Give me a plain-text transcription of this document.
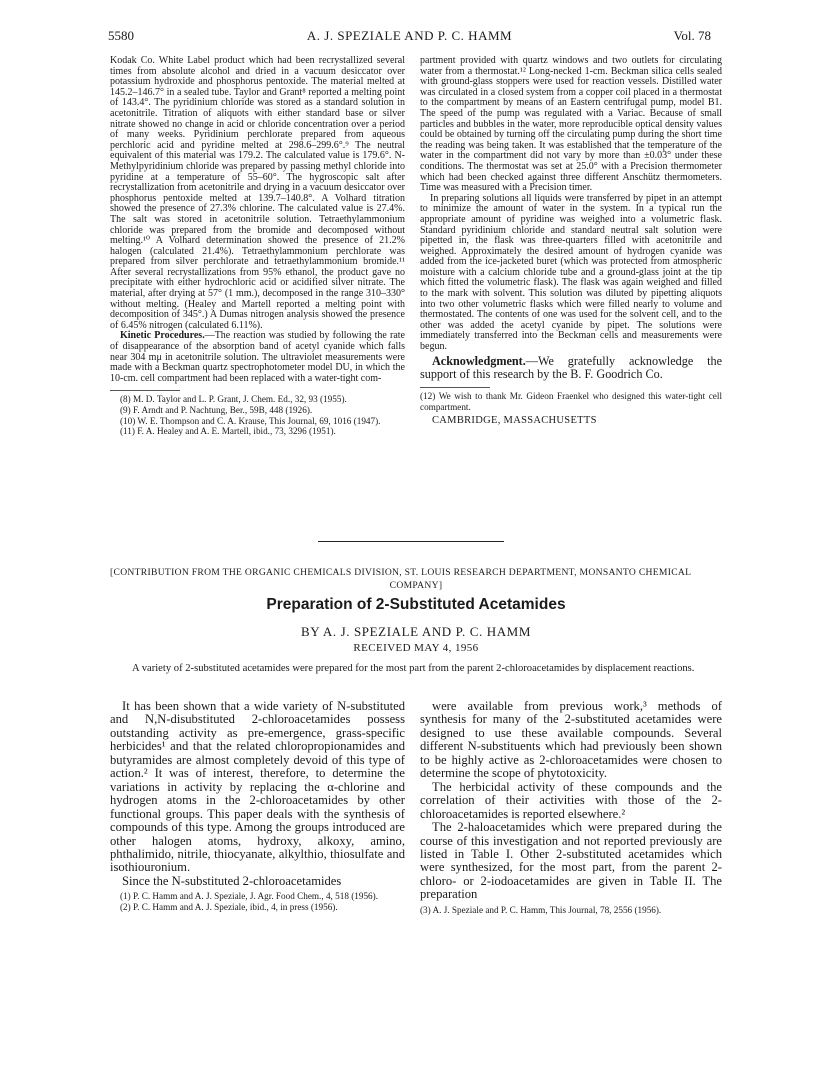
5580	A. J. SPEZIALE AND P. C. HAMM	Vol. 78

Kodak Co. White Label product which had been recrystallized several times from absolute alcohol and dried in a vacuum desiccator over potassium hydroxide and phosphorus pentoxide. The material melted at 145.2–146.7° in a sealed tube. Taylor and Grant⁸ reported a melting point of 143.4°. The pyridinium chloride was stored as a standard solution in acetonitrile. Titration of aliquots with either standard base or silver nitrate showed no change in acid or chloride concentration over a period of many weeks. Pyridinium perchlorate prepared from aqueous perchloric acid and pyridine melted at 298.6–299.6°.⁹ The neutral equivalent of this material was 179.2. The calculated value is 179.6°. N-Methylpyridinium chloride was prepared by passing methyl chloride into pyridine at a temperature of 55–60°. The hygroscopic salt after recrystallization from acetonitrile and drying in a vacuum desiccator over phosphorus pentoxide melted at 139.7–140.8°. A Volhard titration showed the presence of 27.3% chlorine. The calculated value is 27.4%. The salt was stored in acetonitrile solution. Tetraethylammonium chloride was prepared from the bromide and decomposed without melting.¹⁰ A Volhard determination showed the presence of 21.2% halogen (calculated 21.4%). Tetraethylammonium perchlorate was prepared from silver perchlorate and tetraethylammonium bromide.¹¹ After several recrystallizations from 95% ethanol, the product gave no precipitate with either hydrochloric acid or acidified silver nitrate. The material, after drying at 57° (1 mm.), decomposed in the range 310–330° without melting. (Healey and Martell reported a melting point with decomposition of 345°.) A Dumas nitrogen analysis showed the presence of 6.45% nitrogen (calculated 6.11%).

Kinetic Procedures.—The reaction was studied by following the rate of disappearance of the absorption band of acetyl cyanide which falls near 304 mμ in acetonitrile solution. The ultraviolet measurements were made with a Beckman quartz spectrophotometer model DU, in which the 10-cm. cell compartment had been replaced with a water-tight com-

(8) M. D. Taylor and L. P. Grant, J. Chem. Ed., 32, 93 (1955).
(9) F. Arndt and P. Nachtung, Ber., 59B, 448 (1926).
(10) W. E. Thompson and C. A. Krause, This Journal, 69, 1016 (1947).
(11) F. A. Healey and A. E. Martell, ibid., 73, 3296 (1951).

partment provided with quartz windows and two outlets for circulating water from a thermostat.¹² Long-necked 1-cm. Beckman silica cells sealed with ground-glass stoppers were used for reaction vessels. Distilled water was circulated in a closed system from a copper coil placed in a thermostat to the compartment by means of an Eastern centrifugal pump, model B1. The speed of the pump was regulated with a Variac. Because of small particles and bubbles in the water, more reproducible optical density values could be obtained by turning off the circulating pump during the short time the reading was being taken. It was established that the temperature of the water in the compartment did not vary by more than ±0.03° under these conditions. The thermostat was set at 25.0° with a Precision thermometer which had been checked against three different Anschütz thermometers. Time was measured with a Precision timer.

In preparing solutions all liquids were transferred by pipet in an attempt to minimize the amount of water in the system. In a typical run the appropriate amount of pyridine was weighed into a volumetric flask. Standard pyridinium chloride and standard neutral salt solution were pipetted in, the flask was three-quarters filled with acetonitrile and weighed. Approximately the desired amount of hydrogen cyanide was added from the ice-jacketed buret (which was protected from atmospheric moisture with a calcium chloride tube and a ground-glass joint at the tip which fitted the volumetric flask). The flask was again weighed and filled to the mark with solvent. This solution was diluted by pipetting aliquots into two other volumetric flasks which were filled nearly to volume and thermostated. The contents of one was used for the solvent cell, and to the other was added the acetyl cyanide by pipet. The solutions were immediately transferred into the Beckman cells and measurements were begun.

Acknowledgment.—We gratefully acknowledge the support of this research by the B. F. Goodrich Co.
(12) We wish to thank Mr. Gideon Fraenkel who designed this water-tight cell compartment.
CAMBRIDGE, MASSACHUSETTS
[CONTRIBUTION FROM THE ORGANIC CHEMICALS DIVISION, ST. LOUIS RESEARCH DEPARTMENT, MONSANTO CHEMICAL
COMPANY]
Preparation of 2-Substituted Acetamides
BY A. J. SPEZIALE AND P. C. HAMM
RECEIVED MAY 4, 1956
A variety of 2-substituted acetamides were prepared for the most part from the parent 2-chloroacetamides by displacement reactions.

It has been shown that a wide variety of N-substituted and N,N-disubstituted 2-chloroacetamides possess outstanding activity as pre-emergence, grass-specific herbicides¹ and that the related chloropropionamides and butyramides are almost completely devoid of this type of action.² It was of interest, therefore, to determine the variations in activity by replacing the α-chlorine and hydrogen atoms in the 2-chloroacetamides by other functional groups. This paper deals with the synthesis of compounds of this type. Among the groups introduced are other halogen atoms, hydroxy, alkoxy, amino, phthalimido, nitrile, thiocyanate, alkylthio, thiosulfate and isothiouronium.

Since the N-substituted 2-chloroacetamides

(1) P. C. Hamm and A. J. Speziale, J. Agr. Food Chem., 4, 518 (1956).
(2) P. C. Hamm and A. J. Speziale, ibid., 4, in press (1956).

were available from previous work,³ methods of synthesis for many of the 2-substituted acetamides were designed to use these available compounds. Several different N-substituents which had previously been shown to be highly active as 2-chloroacetamides were chosen to determine the scope of phytotoxicity.

The herbicidal activity of these compounds and the correlation of their activities with those of the 2-chloroacetamides is reported elsewhere.²

The 2-haloacetamides which were prepared during the course of this investigation and not reported previously are listed in Table I. Other 2-substituted acetamides which were synthesized, for the most part, from the parent 2-chloro- or 2-iodoacetamides are given in Table II. The preparation

(3) A. J. Speziale and P. C. Hamm, This Journal, 78, 2556 (1956).
